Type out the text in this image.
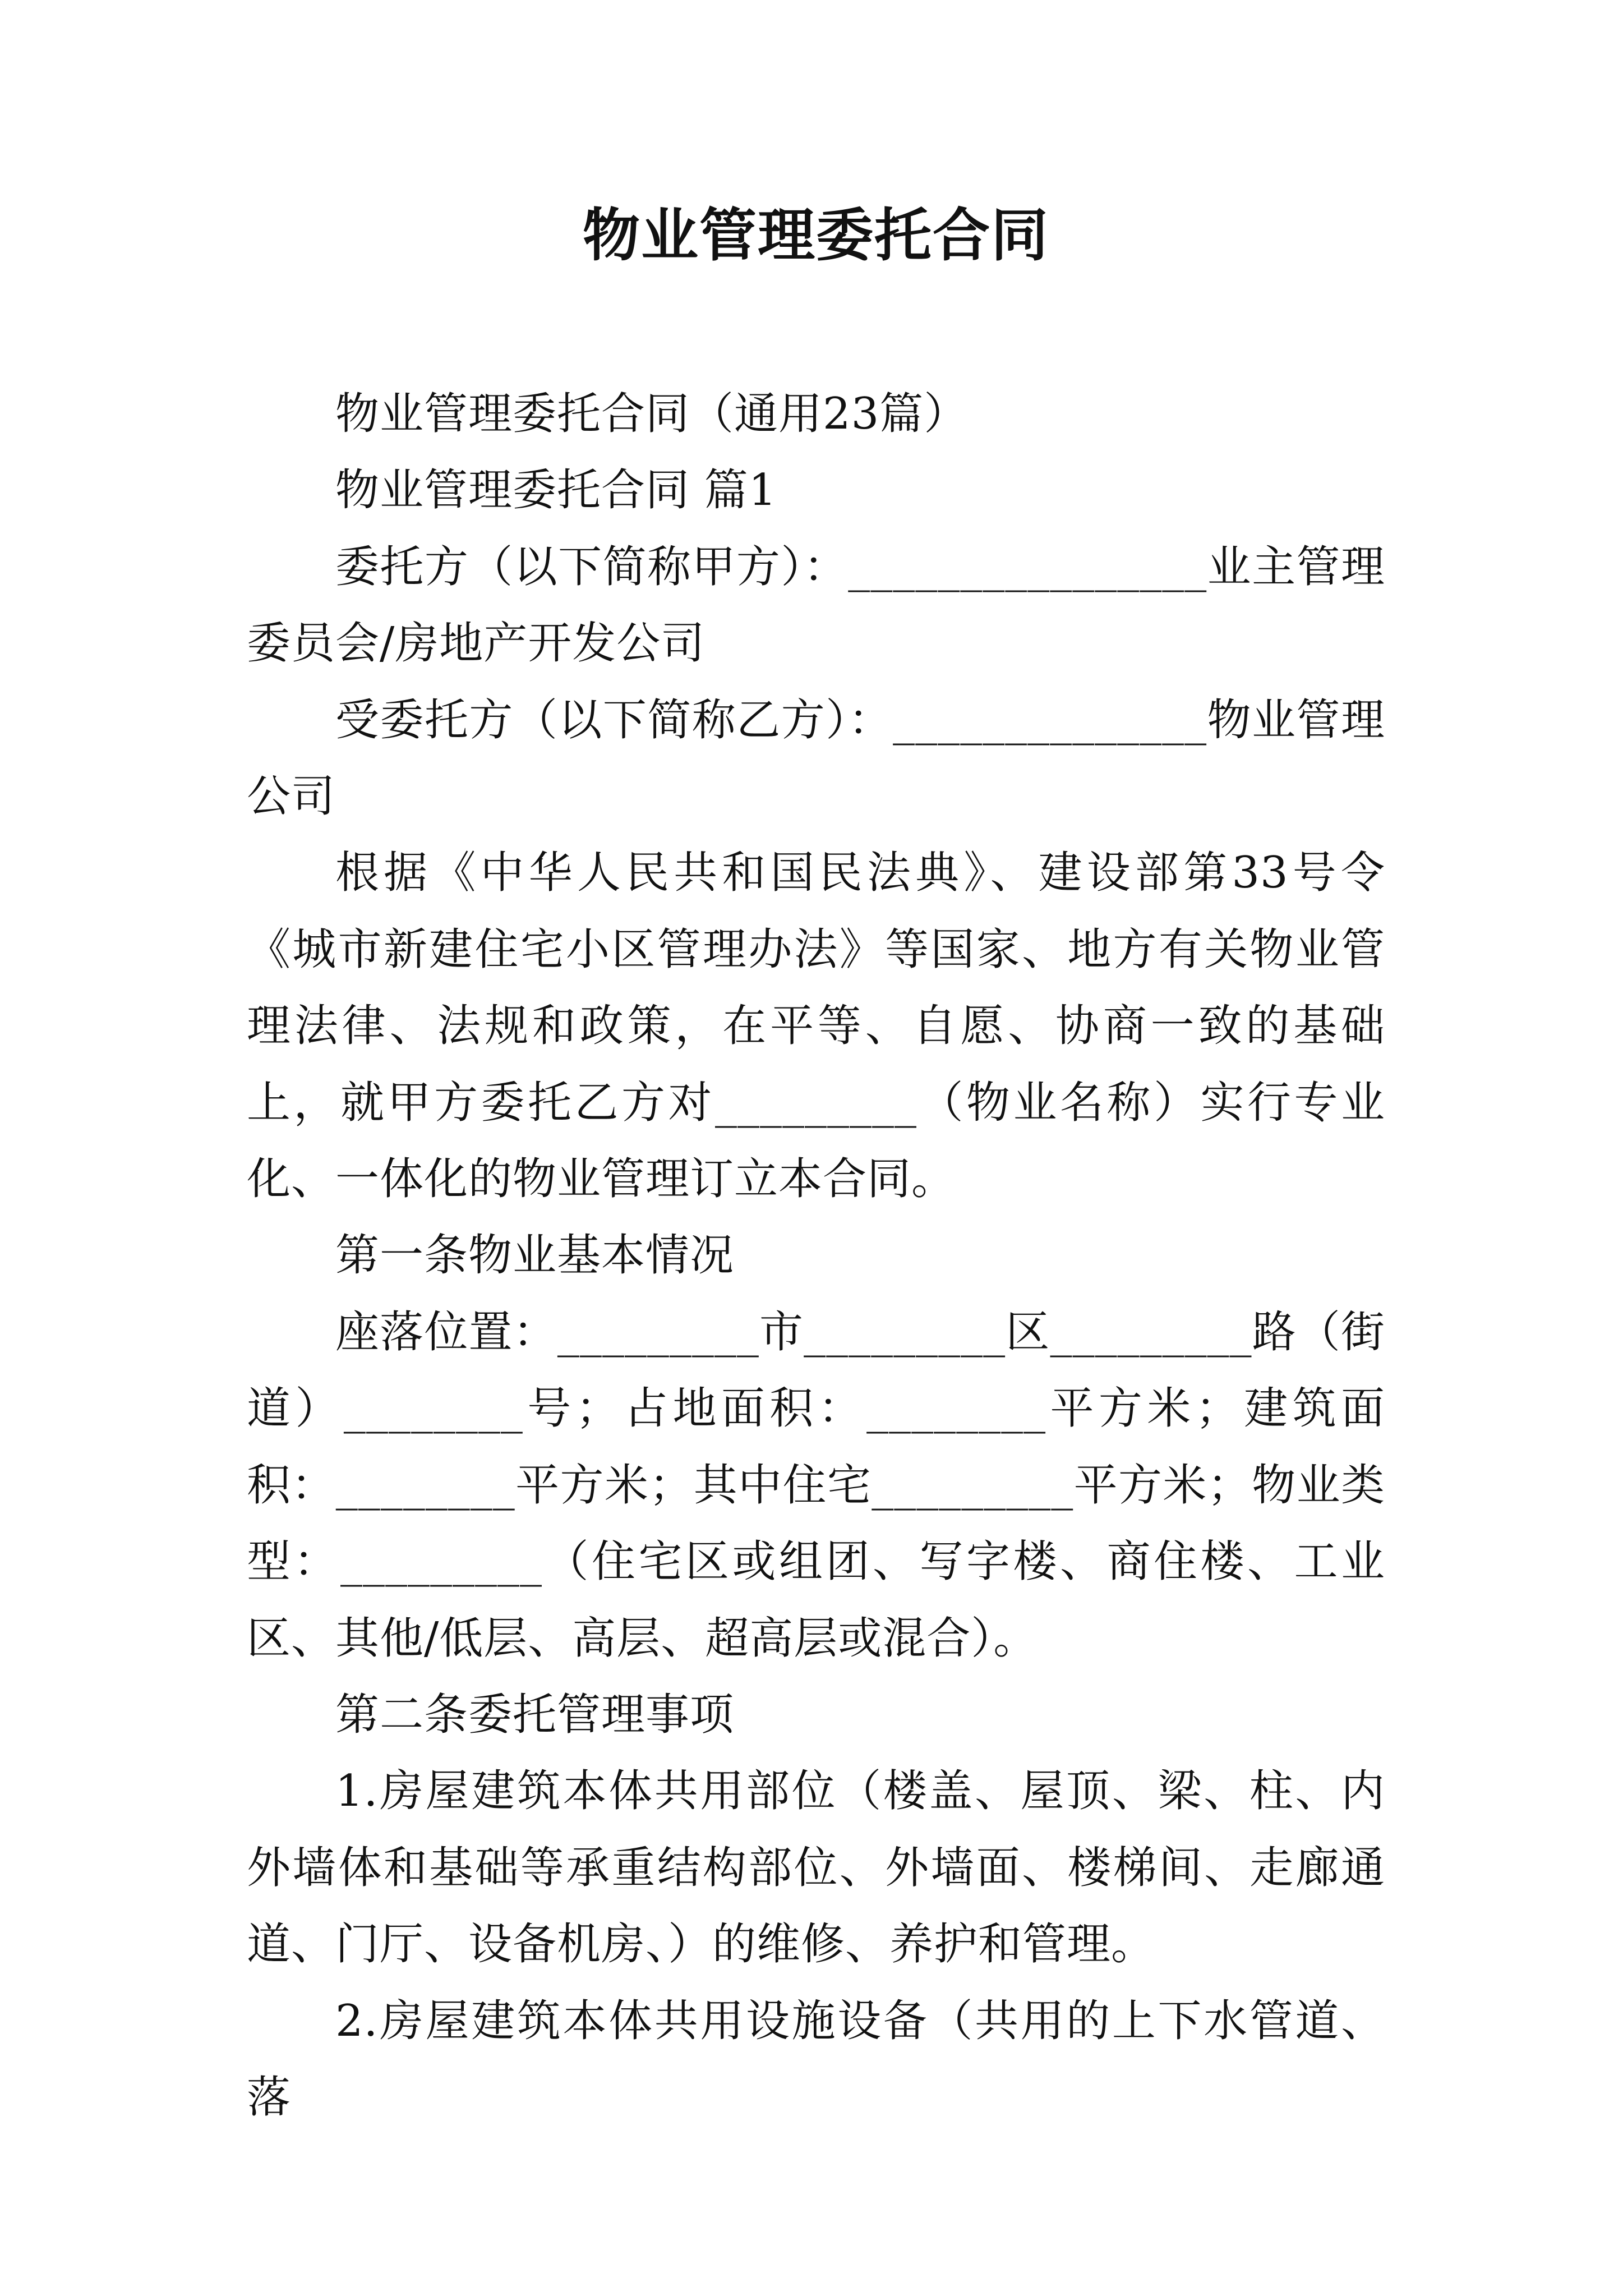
物业管理委托合同

物业管理委托合同（通用23篇）

物业管理委托合同 篇1

委托方（以下简称甲方）：________________业主管理委员会/房地产开发公司

受委托方（以下简称乙方）：______________物业管理公司

根据《中华人民共和国民法典》、建设部第33号令《城市新建住宅小区管理办法》等国家、地方有关物业管理法律、法规和政策，在平等、自愿、协商一致的基础上，就甲方委托乙方对_________（物业名称）实行专业化、一体化的物业管理订立本合同。

第一条物业基本情况

座落位置：_________市_________区_________路（街道）________号；占地面积：________平方米；建筑面积：________平方米；其中住宅_________平方米；物业类型：_________（住宅区或组团、写字楼、商住楼、工业区、其他/低层、高层、超高层或混合）。

第二条委托管理事项

1.房屋建筑本体共用部位（楼盖、屋顶、梁、柱、内外墙体和基础等承重结构部位、外墙面、楼梯间、走廊通道、门厅、设备机房、）的维修、养护和管理。

2.房屋建筑本体共用设施设备（共用的上下水管道、落
